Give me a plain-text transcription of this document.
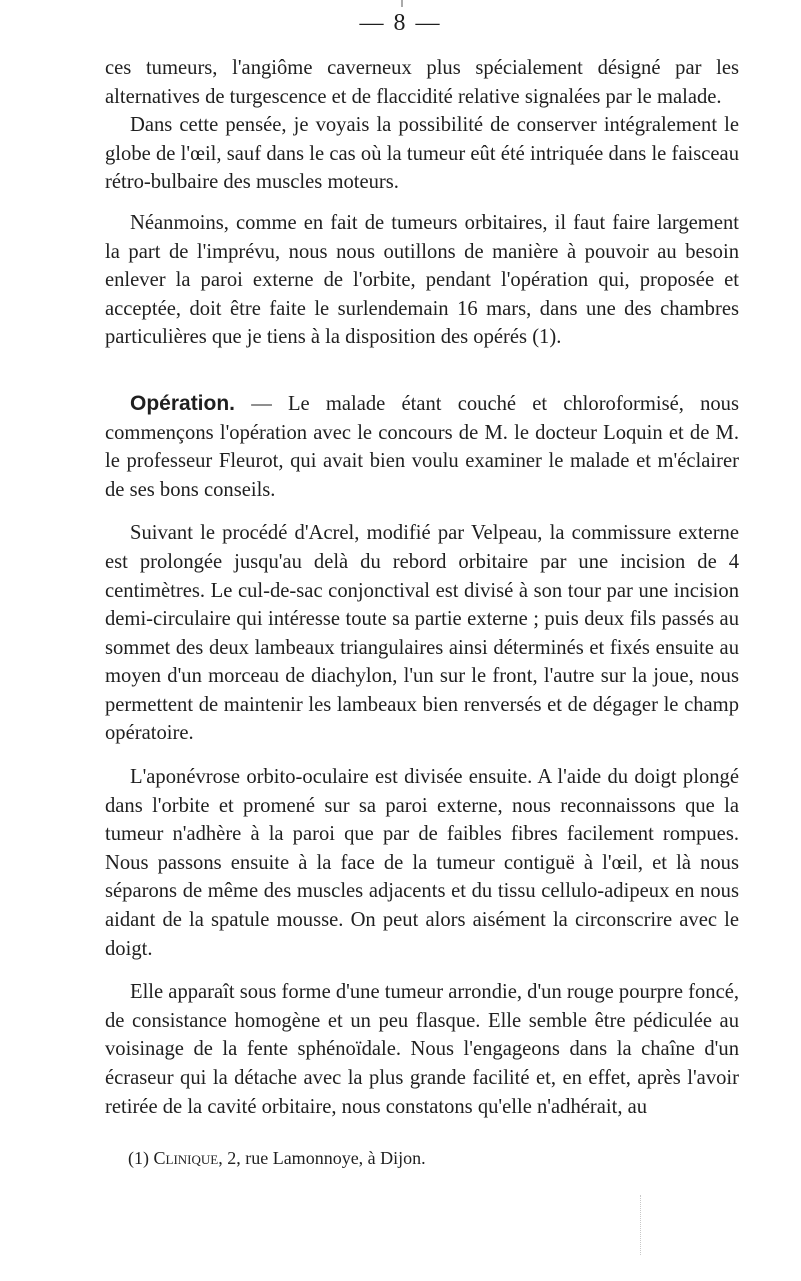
— 8 —

ces tumeurs, l'angiôme caverneux plus spécialement désigné par les alternatives de turgescence et de flaccidité relative signalées par le malade.

Dans cette pensée, je voyais la possibilité de conserver intégralement le globe de l'œil, sauf dans le cas où la tumeur eût été intriquée dans le faisceau rétro-bulbaire des muscles moteurs.

Néanmoins, comme en fait de tumeurs orbitaires, il faut faire largement la part de l'imprévu, nous nous outillons de manière à pouvoir au besoin enlever la paroi externe de l'orbite, pendant l'opération qui, proposée et acceptée, doit être faite le surlendemain 16 mars, dans une des chambres particulières que je tiens à la disposition des opérés (1).

Opération. — Le malade étant couché et chloroformisé, nous commençons l'opération avec le concours de M. le docteur Loquin et de M. le professeur Fleurot, qui avait bien voulu examiner le malade et m'éclairer de ses bons conseils.

Suivant le procédé d'Acrel, modifié par Velpeau, la commissure externe est prolongée jusqu'au delà du rebord orbitaire par une incision de 4 centimètres. Le cul-de-sac conjonctival est divisé à son tour par une incision demi-circulaire qui intéresse toute sa partie externe ; puis deux fils passés au sommet des deux lambeaux triangulaires ainsi déterminés et fixés ensuite au moyen d'un morceau de diachylon, l'un sur le front, l'autre sur la joue, nous permettent de maintenir les lambeaux bien renversés et de dégager le champ opératoire.

L'aponévrose orbito-oculaire est divisée ensuite. A l'aide du doigt plongé dans l'orbite et promené sur sa paroi externe, nous reconnaissons que la tumeur n'adhère à la paroi que par de faibles fibres facilement rompues. Nous passons ensuite à la face de la tumeur contiguë à l'œil, et là nous séparons de même des muscles adjacents et du tissu cellulo-adipeux en nous aidant de la spatule mousse. On peut alors aisément la circonscrire avec le doigt.

Elle apparaît sous forme d'une tumeur arrondie, d'un rouge pourpre foncé, de consistance homogène et un peu flasque. Elle semble être pédiculée au voisinage de la fente sphénoïdale. Nous l'engageons dans la chaîne d'un écraseur qui la détache avec la plus grande facilité et, en effet, après l'avoir retirée de la cavité orbitaire, nous constatons qu'elle n'adhérait, au

(1) Clinique, 2, rue Lamonnoye, à Dijon.
